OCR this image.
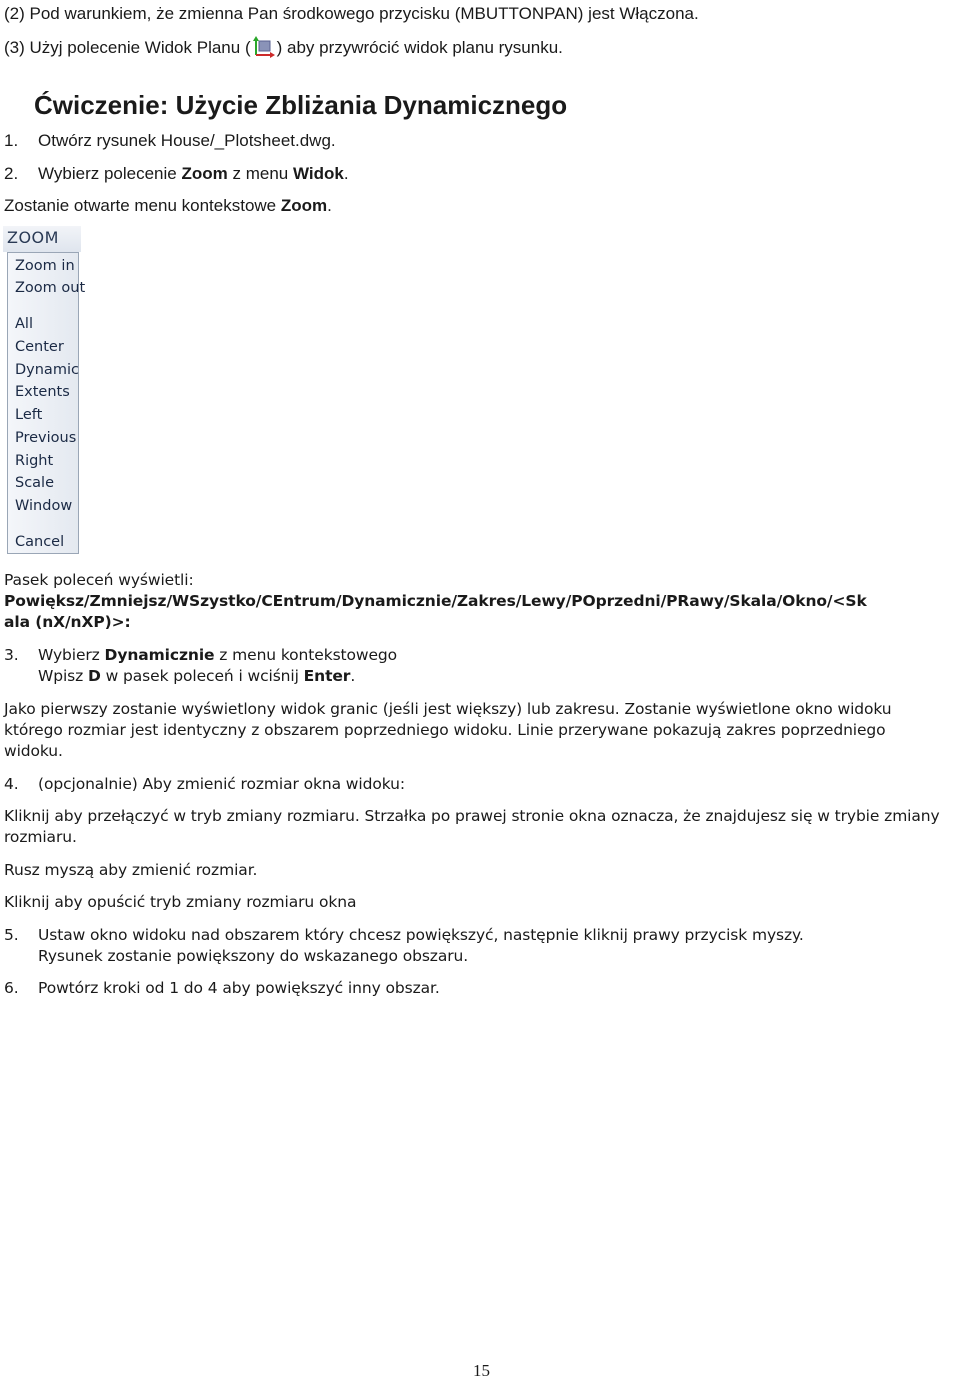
(2) Pod warunkiem, że zmienna Pan środkowego przycisku (MBUTTONPAN) jest Włączona.
(3) Użyj polecenie Widok Planu ( ) aby przywrócić widok planu rysunku.
Ćwiczenie: Użycie Zbliżania Dynamicznego
1. Otwórz rysunek House/_Plotsheet.dwg.
2. Wybierz polecenie Zoom z menu Widok.
Zostanie otwarte menu kontekstowe Zoom.
ZOOM
Zoom in
Zoom out
All
Center
Dynamic
Extents
Left
Previous
Right
Scale
Window
Cancel
Pasek poleceń wyświetli:
Powiększ/Zmniejsz/WSzystko/CEntrum/Dynamicznie/Zakres/Lewy/POprzedni/PRawy/Skala/Okno/<Sk
ala (nX/nXP)>:
3. Wybierz Dynamicznie z menu kontekstowego
Wpisz D w pasek poleceń i wciśnij Enter.
Jako pierwszy zostanie wyświetlony widok granic (jeśli jest większy) lub zakresu. Zostanie wyświetlone okno widoku
którego rozmiar jest identyczny z obszarem poprzedniego widoku. Linie przerywane pokazują zakres poprzedniego
widoku.
4. (opcjonalnie) Aby zmienić rozmiar okna widoku:
Kliknij aby przełączyć w tryb zmiany rozmiaru. Strzałka po prawej stronie okna oznacza, że znajdujesz się w trybie zmiany
rozmiaru.
Rusz myszą aby zmienić rozmiar.
Kliknij aby opuścić tryb zmiany rozmiaru okna
5. Ustaw okno widoku nad obszarem który chcesz powiększyć, następnie kliknij prawy przycisk myszy.
Rysunek zostanie powiększony do wskazanego obszaru.
6. Powtórz kroki od 1 do 4 aby powiększyć inny obszar.
15
